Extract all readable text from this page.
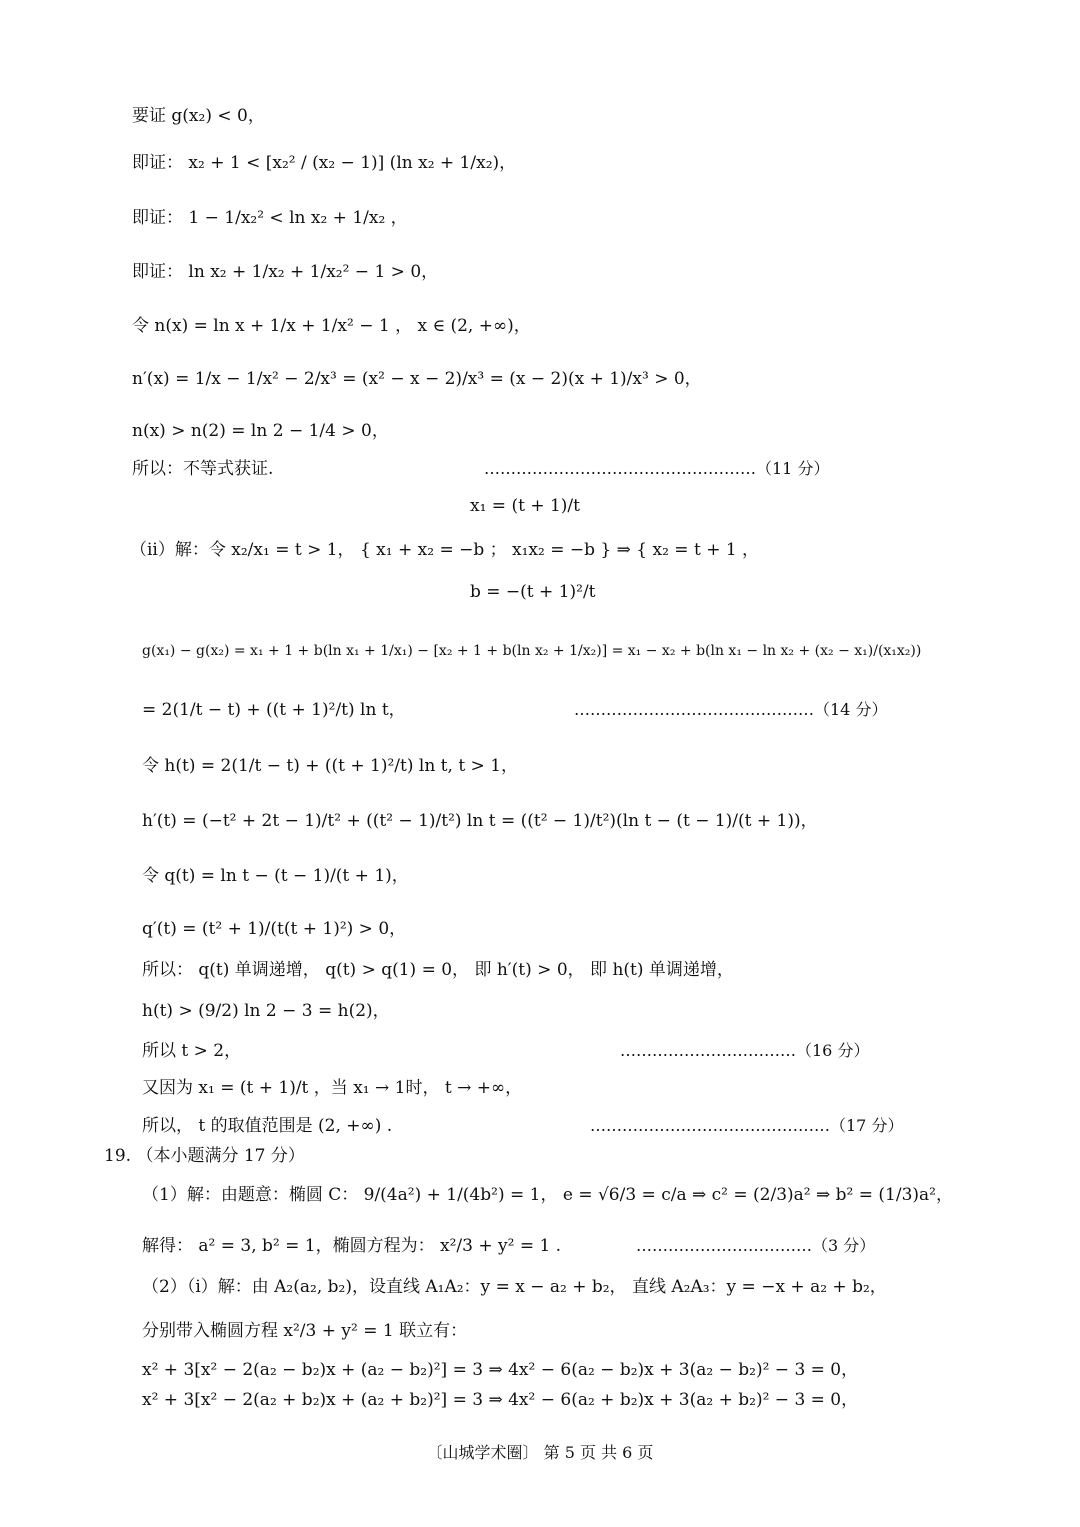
要证 g(x₂) < 0，
即证： x₂ + 1 < [x₂² / (x₂ − 1)] (ln x₂ + 1/x₂)，
即证： 1 − 1/x₂² < ln x₂ + 1/x₂ ，
即证： ln x₂ + 1/x₂ + 1/x₂² − 1 > 0，
令 n(x) = ln x + 1/x + 1/x² − 1 ， x ∈ (2, +∞)，
n′(x) = 1/x − 1/x² − 2/x³ = (x² − x − 2)/x³ = (x − 2)(x + 1)/x³ > 0，
n(x) > n(2) = ln 2 − 1/4 > 0，
所以：不等式获证.	……………………………………………（11 分）
x₁ = (t + 1)/t
（ii）解：令 x₂/x₁ = t > 1， { x₁ + x₂ = −b ； x₁x₂ = −b } ⇒ { x₂ = t + 1 ，
b = −(t + 1)²/t
g(x₁) − g(x₂) = x₁ + 1 + b(ln x₁ + 1/x₁) − [x₂ + 1 + b(ln x₂ + 1/x₂)] = x₁ − x₂ + b(ln x₁ − ln x₂ + (x₂ − x₁)/(x₁x₂))
= 2(1/t − t) + ((t + 1)²/t) ln t，	………………………………………（14 分）
令 h(t) = 2(1/t − t) + ((t + 1)²/t) ln t, t > 1，
h′(t) = (−t² + 2t − 1)/t² + ((t² − 1)/t²) ln t = ((t² − 1)/t²)(ln t − (t − 1)/(t + 1))，
令 q(t) = ln t − (t − 1)/(t + 1)，
q′(t) = (t² + 1)/(t(t + 1)²) > 0，
所以： q(t) 单调递增， q(t) > q(1) = 0， 即 h′(t) > 0， 即 h(t) 单调递增，
h(t) > (9/2) ln 2 − 3 = h(2)，
所以 t > 2，	……………………………（16 分）
又因为 x₁ = (t + 1)/t ，当 x₁ → 1时， t → +∞，
所以， t 的取值范围是 (2, +∞) .	………………………………………（17 分）
19. （本小题满分 17 分）
（1）解：由题意：椭圆 C： 9/(4a²) + 1/(4b²) = 1， e = √6/3 = c/a ⇒ c² = (2/3)a² ⇒ b² = (1/3)a²，
解得： a² = 3, b² = 1，椭圆方程为： x²/3 + y² = 1 .	……………………………（3 分）
（2）（i）解：由 A₂(a₂, b₂)，设直线 A₁A₂：y = x − a₂ + b₂， 直线 A₂A₃：y = −x + a₂ + b₂，
分别带入椭圆方程 x²/3 + y² = 1 联立有：
x² + 3[x² − 2(a₂ − b₂)x + (a₂ − b₂)²] = 3 ⇒ 4x² − 6(a₂ − b₂)x + 3(a₂ − b₂)² − 3 = 0，
x² + 3[x² − 2(a₂ + b₂)x + (a₂ + b₂)²] = 3 ⇒ 4x² − 6(a₂ + b₂)x + 3(a₂ + b₂)² − 3 = 0，
〔山城学术圈〕 第 5 页 共 6 页
